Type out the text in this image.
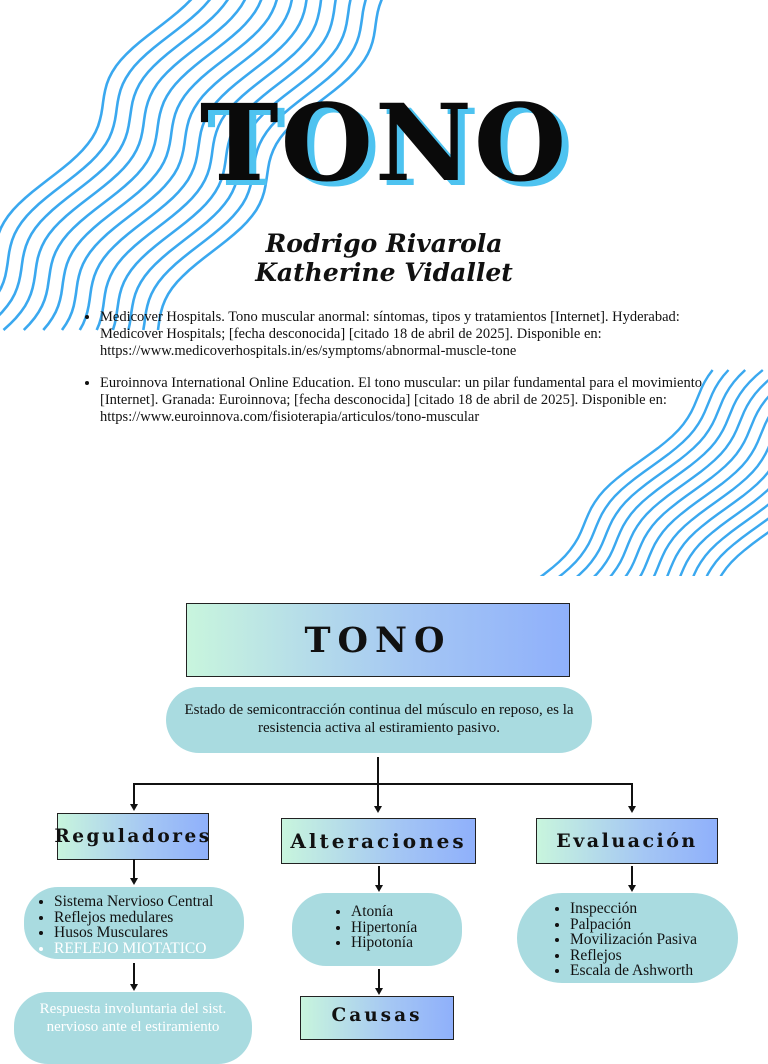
TONO
Rodrigo Rivarola
Katherine Vidallet
• Medicover Hospitals. Tono muscular anormal: síntomas, tipos y tratamientos [Internet]. Hyderabad: Medicover Hospitals; [fecha desconocida] [citado 18 de abril de 2025]. Disponible en: https://www.medicoverhospitals.in/es/symptoms/abnormal-muscle-tone
• Euroinnova International Online Education. El tono muscular: un pilar fundamental para el movimiento [Internet]. Granada: Euroinnova; [fecha desconocida] [citado 18 de abril de 2025]. Disponible en: https://www.euroinnova.com/fisioterapia/articulos/tono-muscular
TONO
Estado de semicontracción continua del músculo en reposo, es la resistencia activa al estiramiento pasivo.
Reguladores
• Sistema Nervioso Central
• Reflejos medulares
• Husos Musculares
• REFLEJO MIOTATICO
Respuesta involuntaria del sist. nervioso ante el estiramiento
Alteraciones
• Atonía
• Hipertonía
• Hipotonía
Causas
Evaluación
• Inspección
• Palpación
• Movilización Pasiva
• Reflejos
• Escala de Ashworth
